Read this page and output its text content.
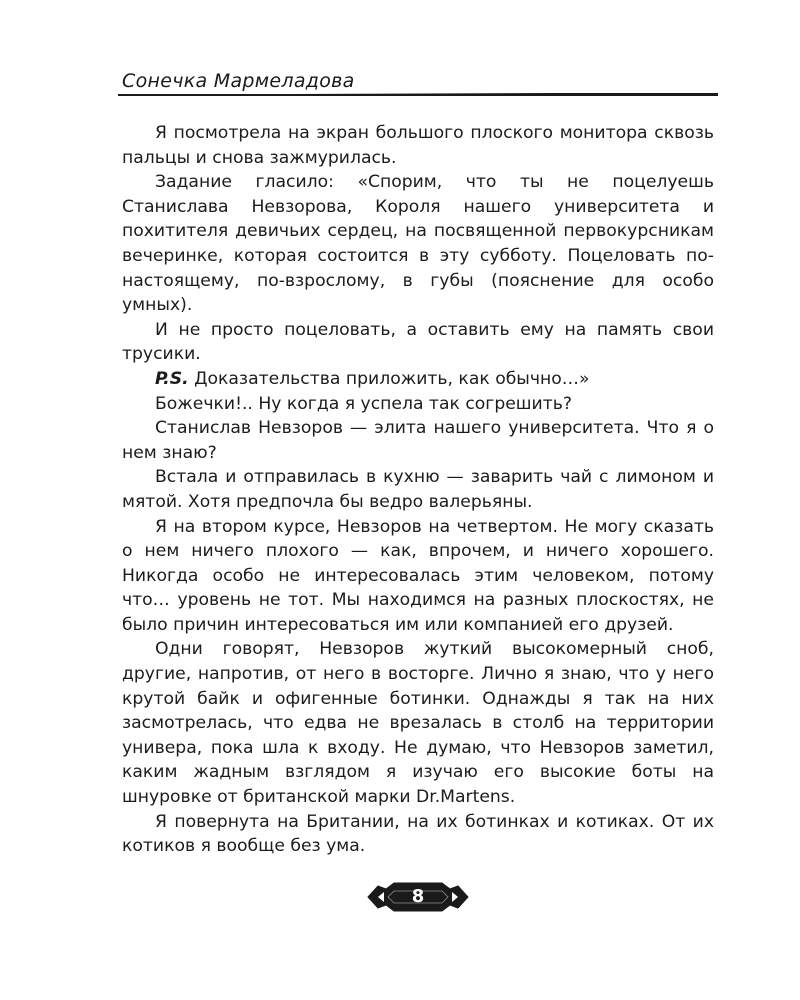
Сонечка Мармеладова

Я посмотрела на экран большого плоского монитора сквозь пальцы и снова зажмурилась.

Задание гласило: «Спорим, что ты не поцелуешь Станислава Невзорова, Короля нашего университета и похитителя девичьих сердец, на посвященной первокурсникам вечеринке, которая состоится в эту субботу. Поцеловать по-настоящему, по-взрослому, в губы (пояснение для особо умных).

И не просто поцеловать, а оставить ему на память свои трусики.

P.S. Доказательства приложить, как обычно…»

Божечки!.. Ну когда я успела так согрешить?

Станислав Невзоров — элита нашего университета. Что я о нем знаю?

Встала и отправилась в кухню — заварить чай с лимоном и мятой. Хотя предпочла бы ведро валерьяны.

Я на втором курсе, Невзоров на четвертом. Не могу сказать о нем ничего плохого — как, впрочем, и ничего хорошего. Никогда особо не интересовалась этим человеком, потому что… уровень не тот. Мы находимся на разных плоскостях, не было причин интересоваться им или компанией его друзей.

Одни говорят, Невзоров жуткий высокомерный сноб, другие, напротив, от него в восторге. Лично я знаю, что у него крутой байк и офигенные ботинки. Однажды я так на них засмотрелась, что едва не врезалась в столб на территории универа, пока шла к входу. Не думаю, что Невзоров заметил, каким жадным взглядом я изучаю его высокие боты на шнуровке от британской марки Dr.Martens.

Я повернута на Британии, на их ботинках и котиках. От их котиков я вообще без ума.

8
